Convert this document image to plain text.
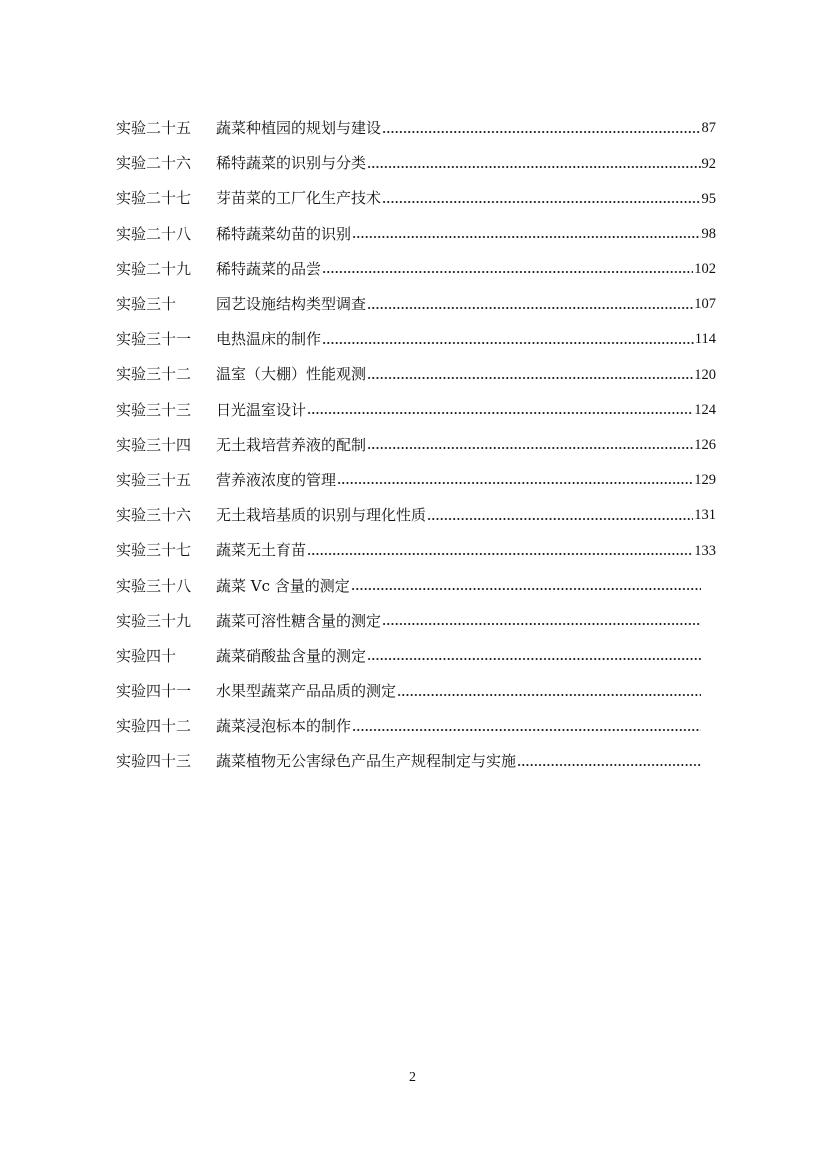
实验二十五	蔬菜种植园的规划与建设	87
实验二十六	稀特蔬菜的识别与分类	92
实验二十七	芽苗菜的工厂化生产技术	95
实验二十八	稀特蔬菜幼苗的识别	98
实验二十九	稀特蔬菜的品尝	102
实验三十	园艺设施结构类型调查	107
实验三十一	电热温床的制作	114
实验三十二	温室（大棚）性能观测	120
实验三十三	日光温室设计	124
实验三十四	无土栽培营养液的配制	126
实验三十五	营养液浓度的管理	129
实验三十六	无土栽培基质的识别与理化性质	131
实验三十七	蔬菜无土育苗	133
实验三十八	蔬菜 Vc 含量的测定
实验三十九	蔬菜可溶性糖含量的测定
实验四十	蔬菜硝酸盐含量的测定
实验四十一	水果型蔬菜产品品质的测定
实验四十二	蔬菜浸泡标本的制作
实验四十三	蔬菜植物无公害绿色产品生产规程制定与实施
2
